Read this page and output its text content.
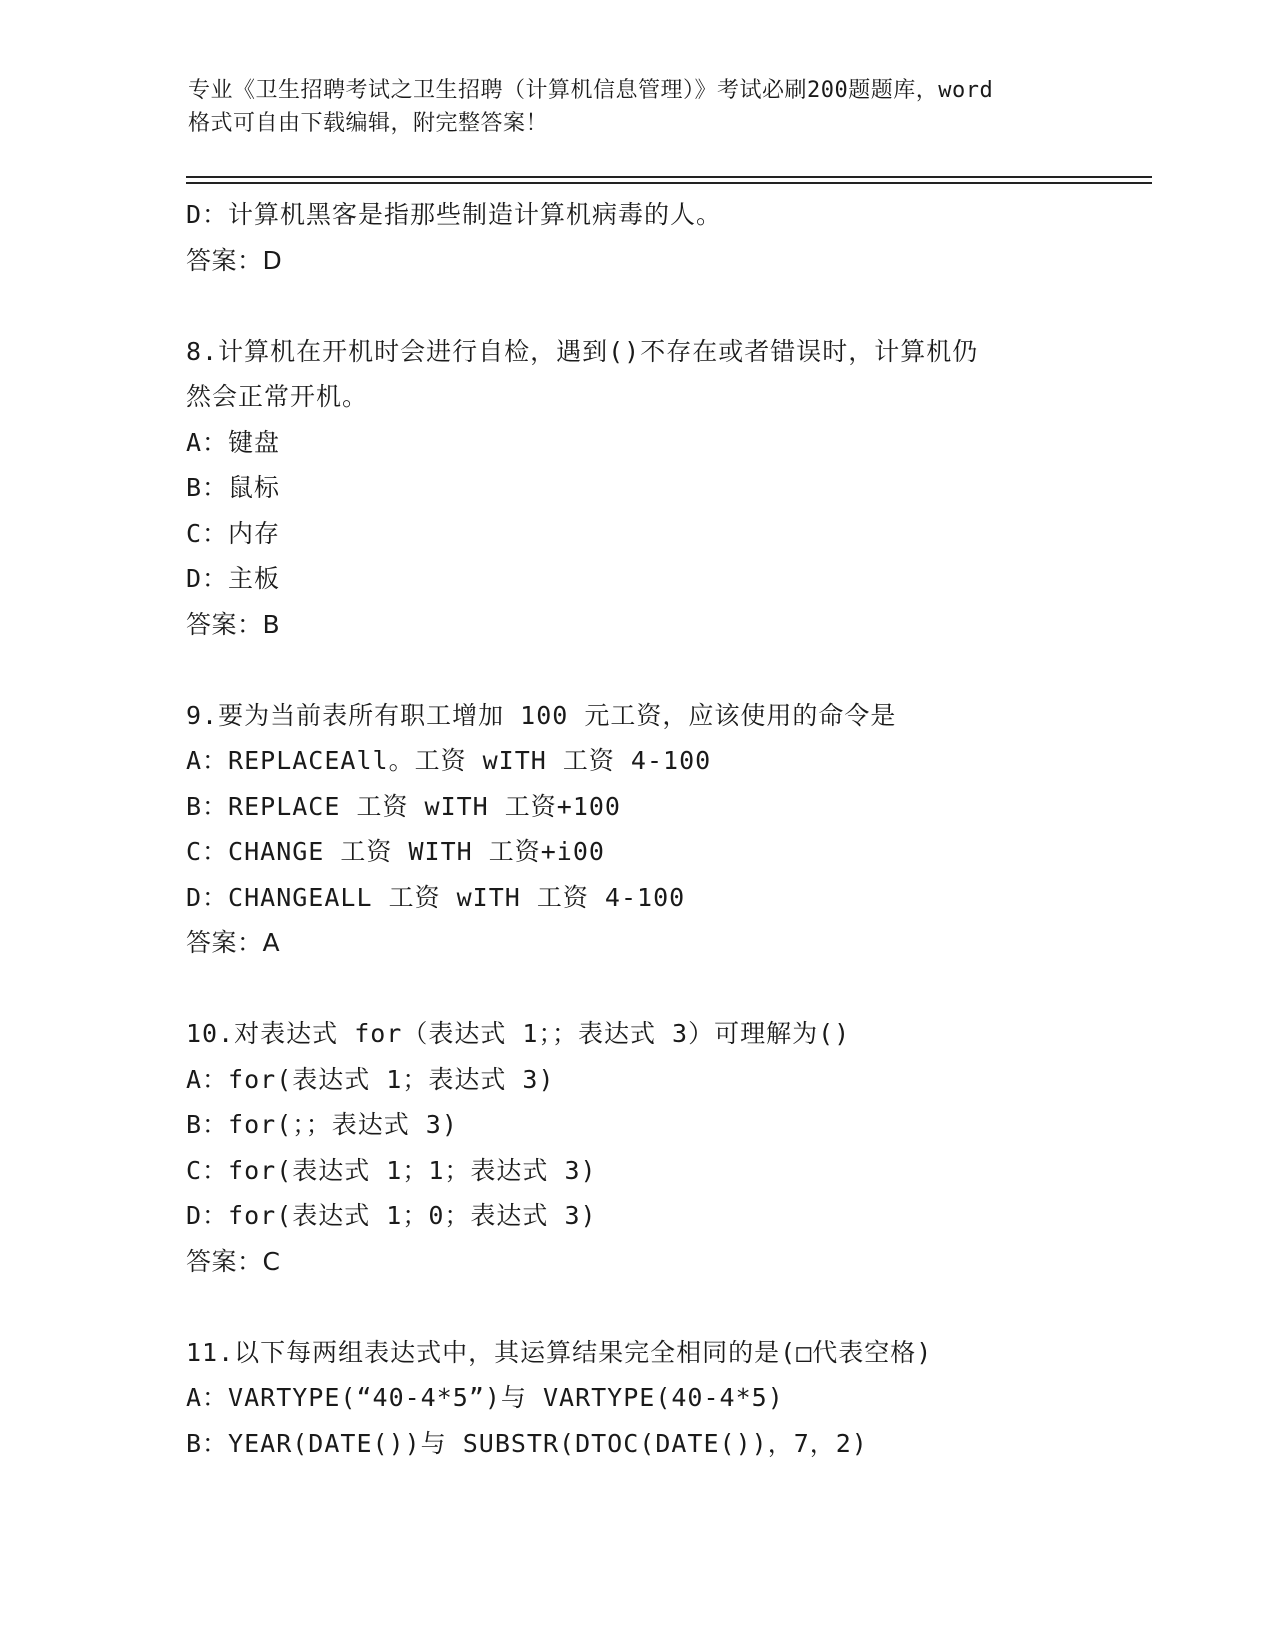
专业《卫生招聘考试之卫生招聘（计算机信息管理）》考试必刷200题题库，word
格式可自由下载编辑，附完整答案！
D：计算机黑客是指那些制造计算机病毒的人。
答案：D
8.计算机在开机时会进行自检，遇到()不存在或者错误时，计算机仍
然会正常开机。
A：键盘
B：鼠标
C：内存
D：主板
答案：B
9.要为当前表所有职工增加 100 元工资，应该使用的命令是
A：REPLACEAll。工资 wITH 工资 4-100
B：REPLACE 工资 wITH 工资+100
C：CHANGE 工资 WITH 工资+i00
D：CHANGEALL 工资 wITH 工资 4-100
答案：A
10.对表达式 for（表达式 1；；表达式 3）可理解为()
A：for(表达式 1；表达式 3)
B：for(；；表达式 3)
C：for(表达式 1；1；表达式 3)
D：for(表达式 1；0；表达式 3)
答案：C
11.以下每两组表达式中，其运算结果完全相同的是(□代表空格)
A：VARTYPE(“40-4*5”)与 VARTYPE(40-4*5)
B：YEAR(DATE())与 SUBSTR(DTOC(DATE())，7，2)
